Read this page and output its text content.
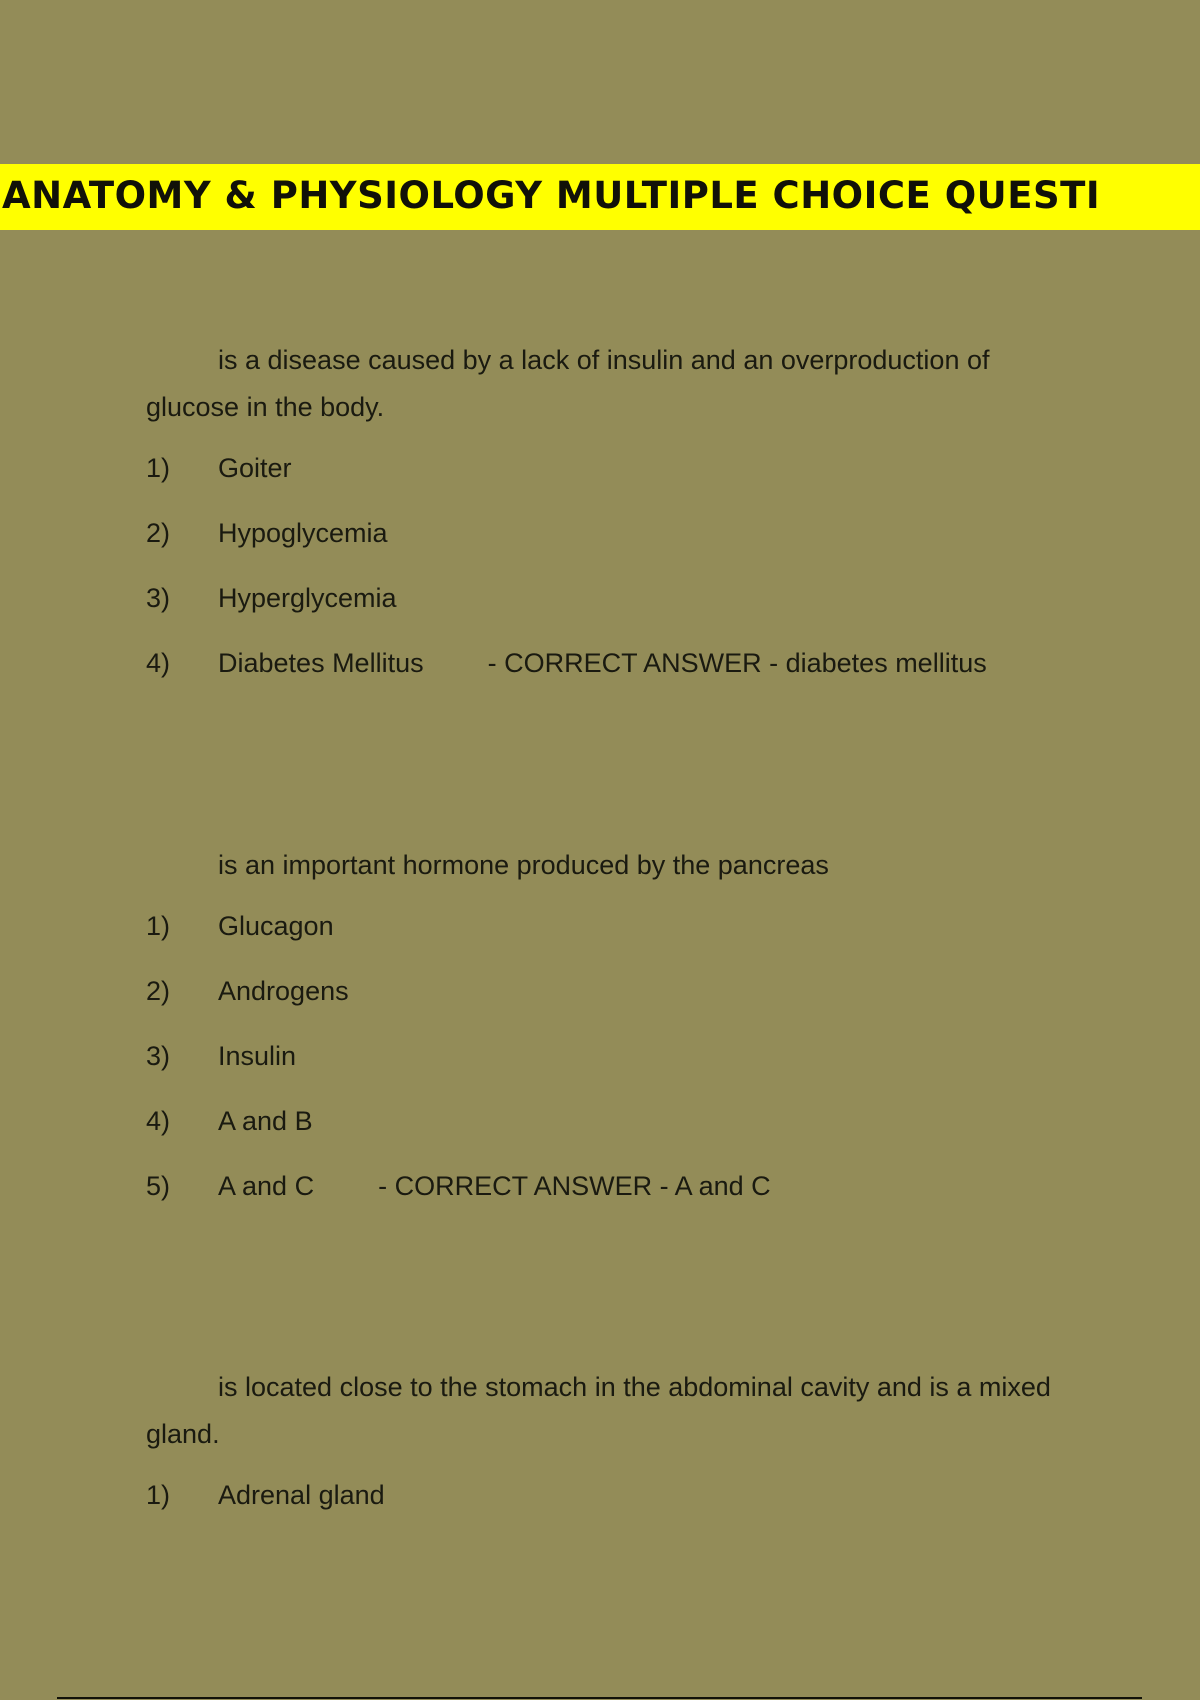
ANATOMY & PHYSIOLOGY MULTIPLE CHOICE QUESTI

is a disease caused by a lack of insulin and an overproduction of glucose in the body.

1) Goiter
2) Hypoglycemia
3) Hyperglycemia
4) Diabetes Mellitus - CORRECT ANSWER - diabetes mellitus

is an important hormone produced by the pancreas

1) Glucagon
2) Androgens
3) Insulin
4) A and B
5) A and C - CORRECT ANSWER - A and C

is located close to the stomach in the abdominal cavity and is a mixed gland.

1) Adrenal gland
